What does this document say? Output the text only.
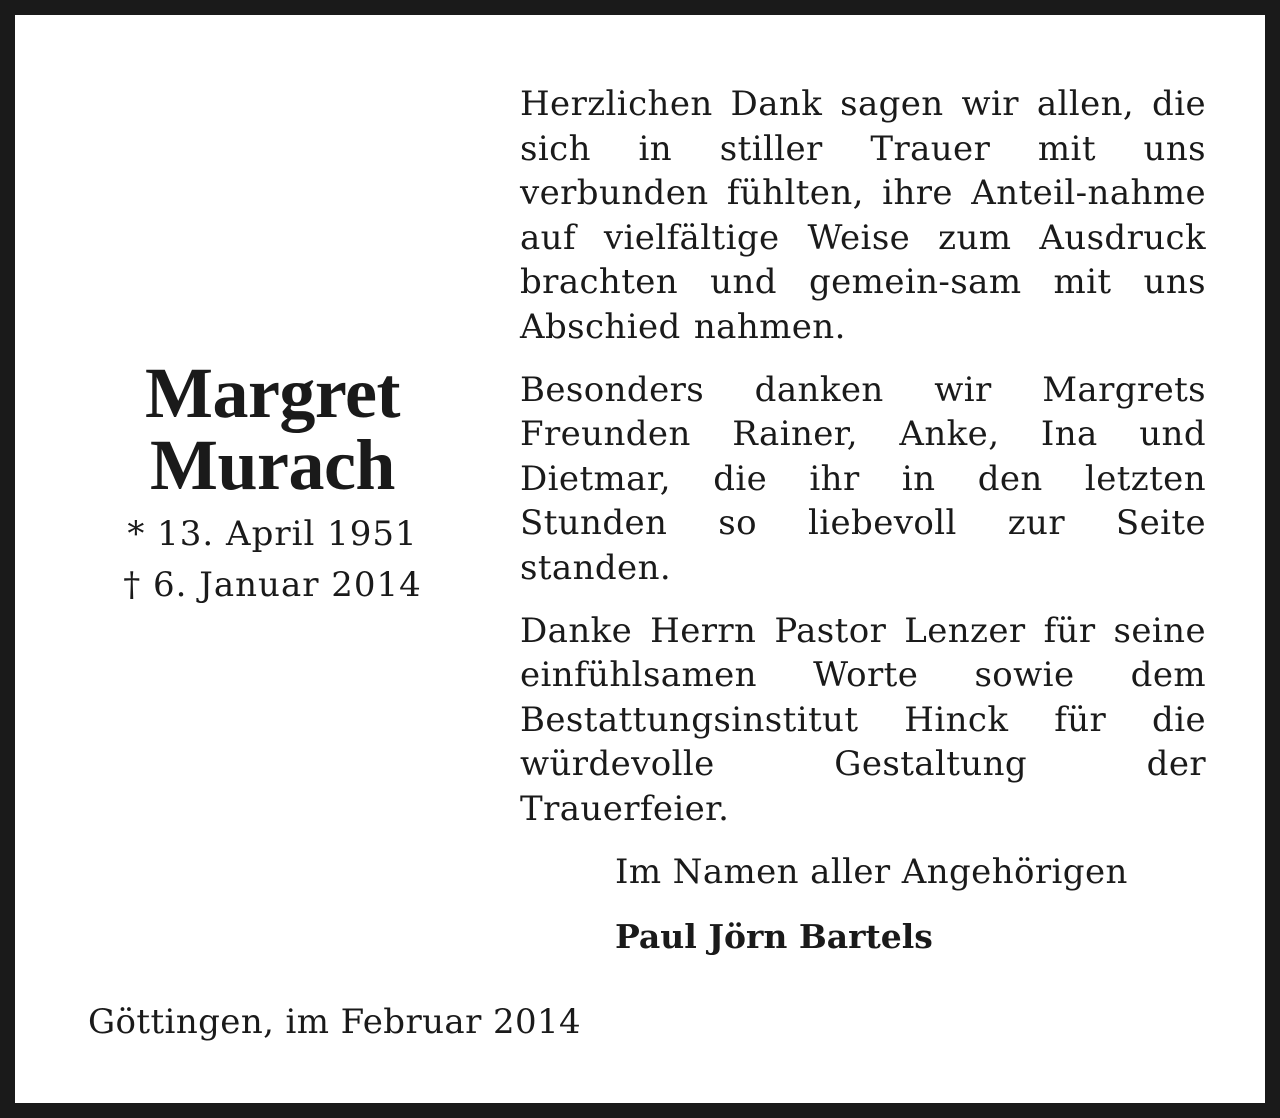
Margret
Murach
* 13. April 1951
† 6. Januar 2014

Herzlichen Dank sagen wir allen, die sich in stiller Trauer mit uns verbunden fühlten, ihre Anteil-nahme auf vielfältige Weise zum Ausdruck brachten und gemein-sam mit uns Abschied nahmen.

Besonders danken wir Margrets Freunden Rainer, Anke, Ina und Dietmar, die ihr in den letzten Stunden so liebevoll zur Seite standen.

Danke Herrn Pastor Lenzer für seine einfühlsamen Worte sowie dem Bestattungsinstitut Hinck für die würdevolle Gestaltung der Trauerfeier.

Im Namen aller Angehörigen
Paul Jörn Bartels
Göttingen, im Februar 2014
